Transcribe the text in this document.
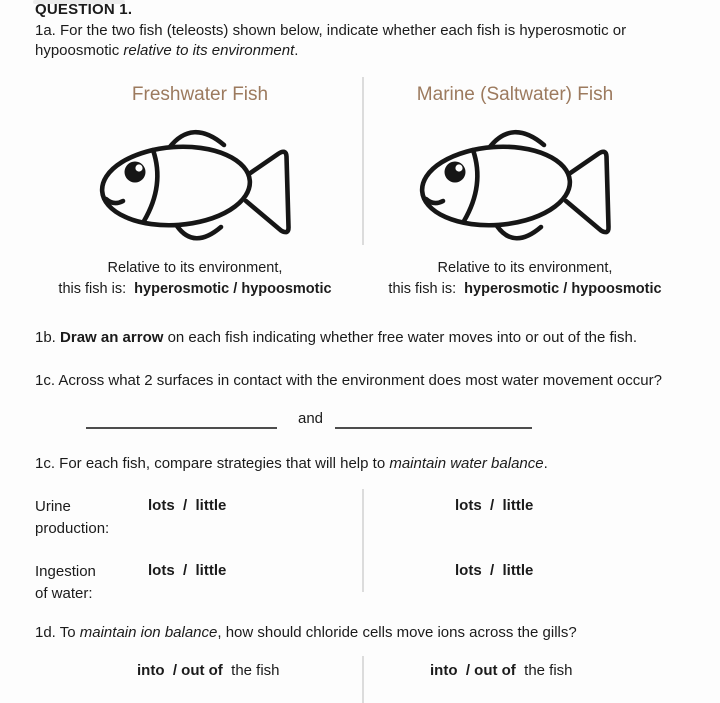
QUESTION 1.
1a. For the two fish (teleosts) shown below, indicate whether each fish is hyperosmotic or hypoosmotic relative to its environment.
Freshwater Fish	Marine (Saltwater) Fish
Relative to its environment,
this fish is:  hyperosmotic / hypoosmotic
Relative to its environment,
this fish is:  hyperosmotic / hypoosmotic
1b. Draw an arrow on each fish indicating whether free water moves into or out of the fish.
1c. Across what 2 surfaces in contact with the environment does most water movement occur?
and
1c. For each fish, compare strategies that will help to maintain water balance.
Urine
production:
lots  /  little	lots  /  little
Ingestion
of water:
lots  /  little	lots  /  little
1d. To maintain ion balance, how should chloride cells move ions across the gills?
into  / out of  the fish	into  / out of  the fish
